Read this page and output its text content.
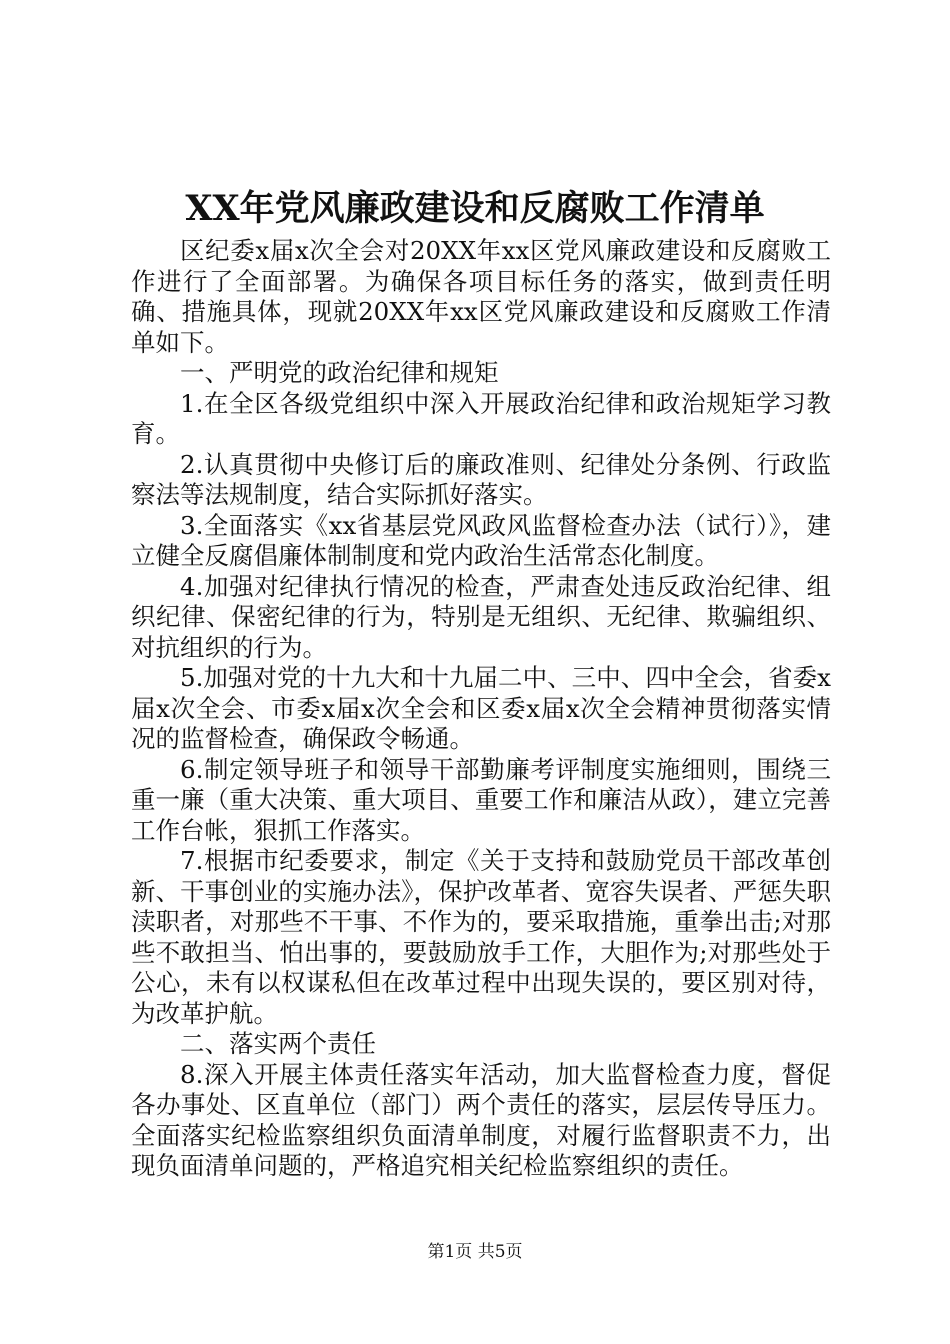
XX年党风廉政建设和反腐败工作清单

区纪委x届x次全会对20XX年xx区党风廉政建设和反腐败工作进行了全面部署。为确保各项目标任务的落实，做到责任明确、措施具体，现就20XX年xx区党风廉政建设和反腐败工作清单如下。

一、严明党的政治纪律和规矩

1.在全区各级党组织中深入开展政治纪律和政治规矩学习教育。

2.认真贯彻中央修订后的廉政准则、纪律处分条例、行政监察法等法规制度，结合实际抓好落实。

3.全面落实《xx省基层党风政风监督检查办法（试行）》，建立健全反腐倡廉体制制度和党内政治生活常态化制度。

4.加强对纪律执行情况的检查，严肃查处违反政治纪律、组织纪律、保密纪律的行为，特别是无组织、无纪律、欺骗组织、对抗组织的行为。

5.加强对党的十九大和十九届二中、三中、四中全会，省委x届x次全会、市委x届x次全会和区委x届x次全会精神贯彻落实情况的监督检查，确保政令畅通。

6.制定领导班子和领导干部勤廉考评制度实施细则，围绕三重一廉（重大决策、重大项目、重要工作和廉洁从政），建立完善工作台帐，狠抓工作落实。

7.根据市纪委要求，制定《关于支持和鼓励党员干部改革创新、干事创业的实施办法》，保护改革者、宽容失误者、严惩失职渎职者，对那些不干事、不作为的，要采取措施，重拳出击;对那些不敢担当、怕出事的，要鼓励放手工作，大胆作为;对那些处于公心，未有以权谋私但在改革过程中出现失误的，要区别对待，为改革护航。

二、落实两个责任

8.深入开展主体责任落实年活动，加大监督检查力度，督促各办事处、区直单位（部门）两个责任的落实，层层传导压力。全面落实纪检监察组织负面清单制度，对履行监督职责不力，出现负面清单问题的，严格追究相关纪检监察组织的责任。

第1页 共5页
